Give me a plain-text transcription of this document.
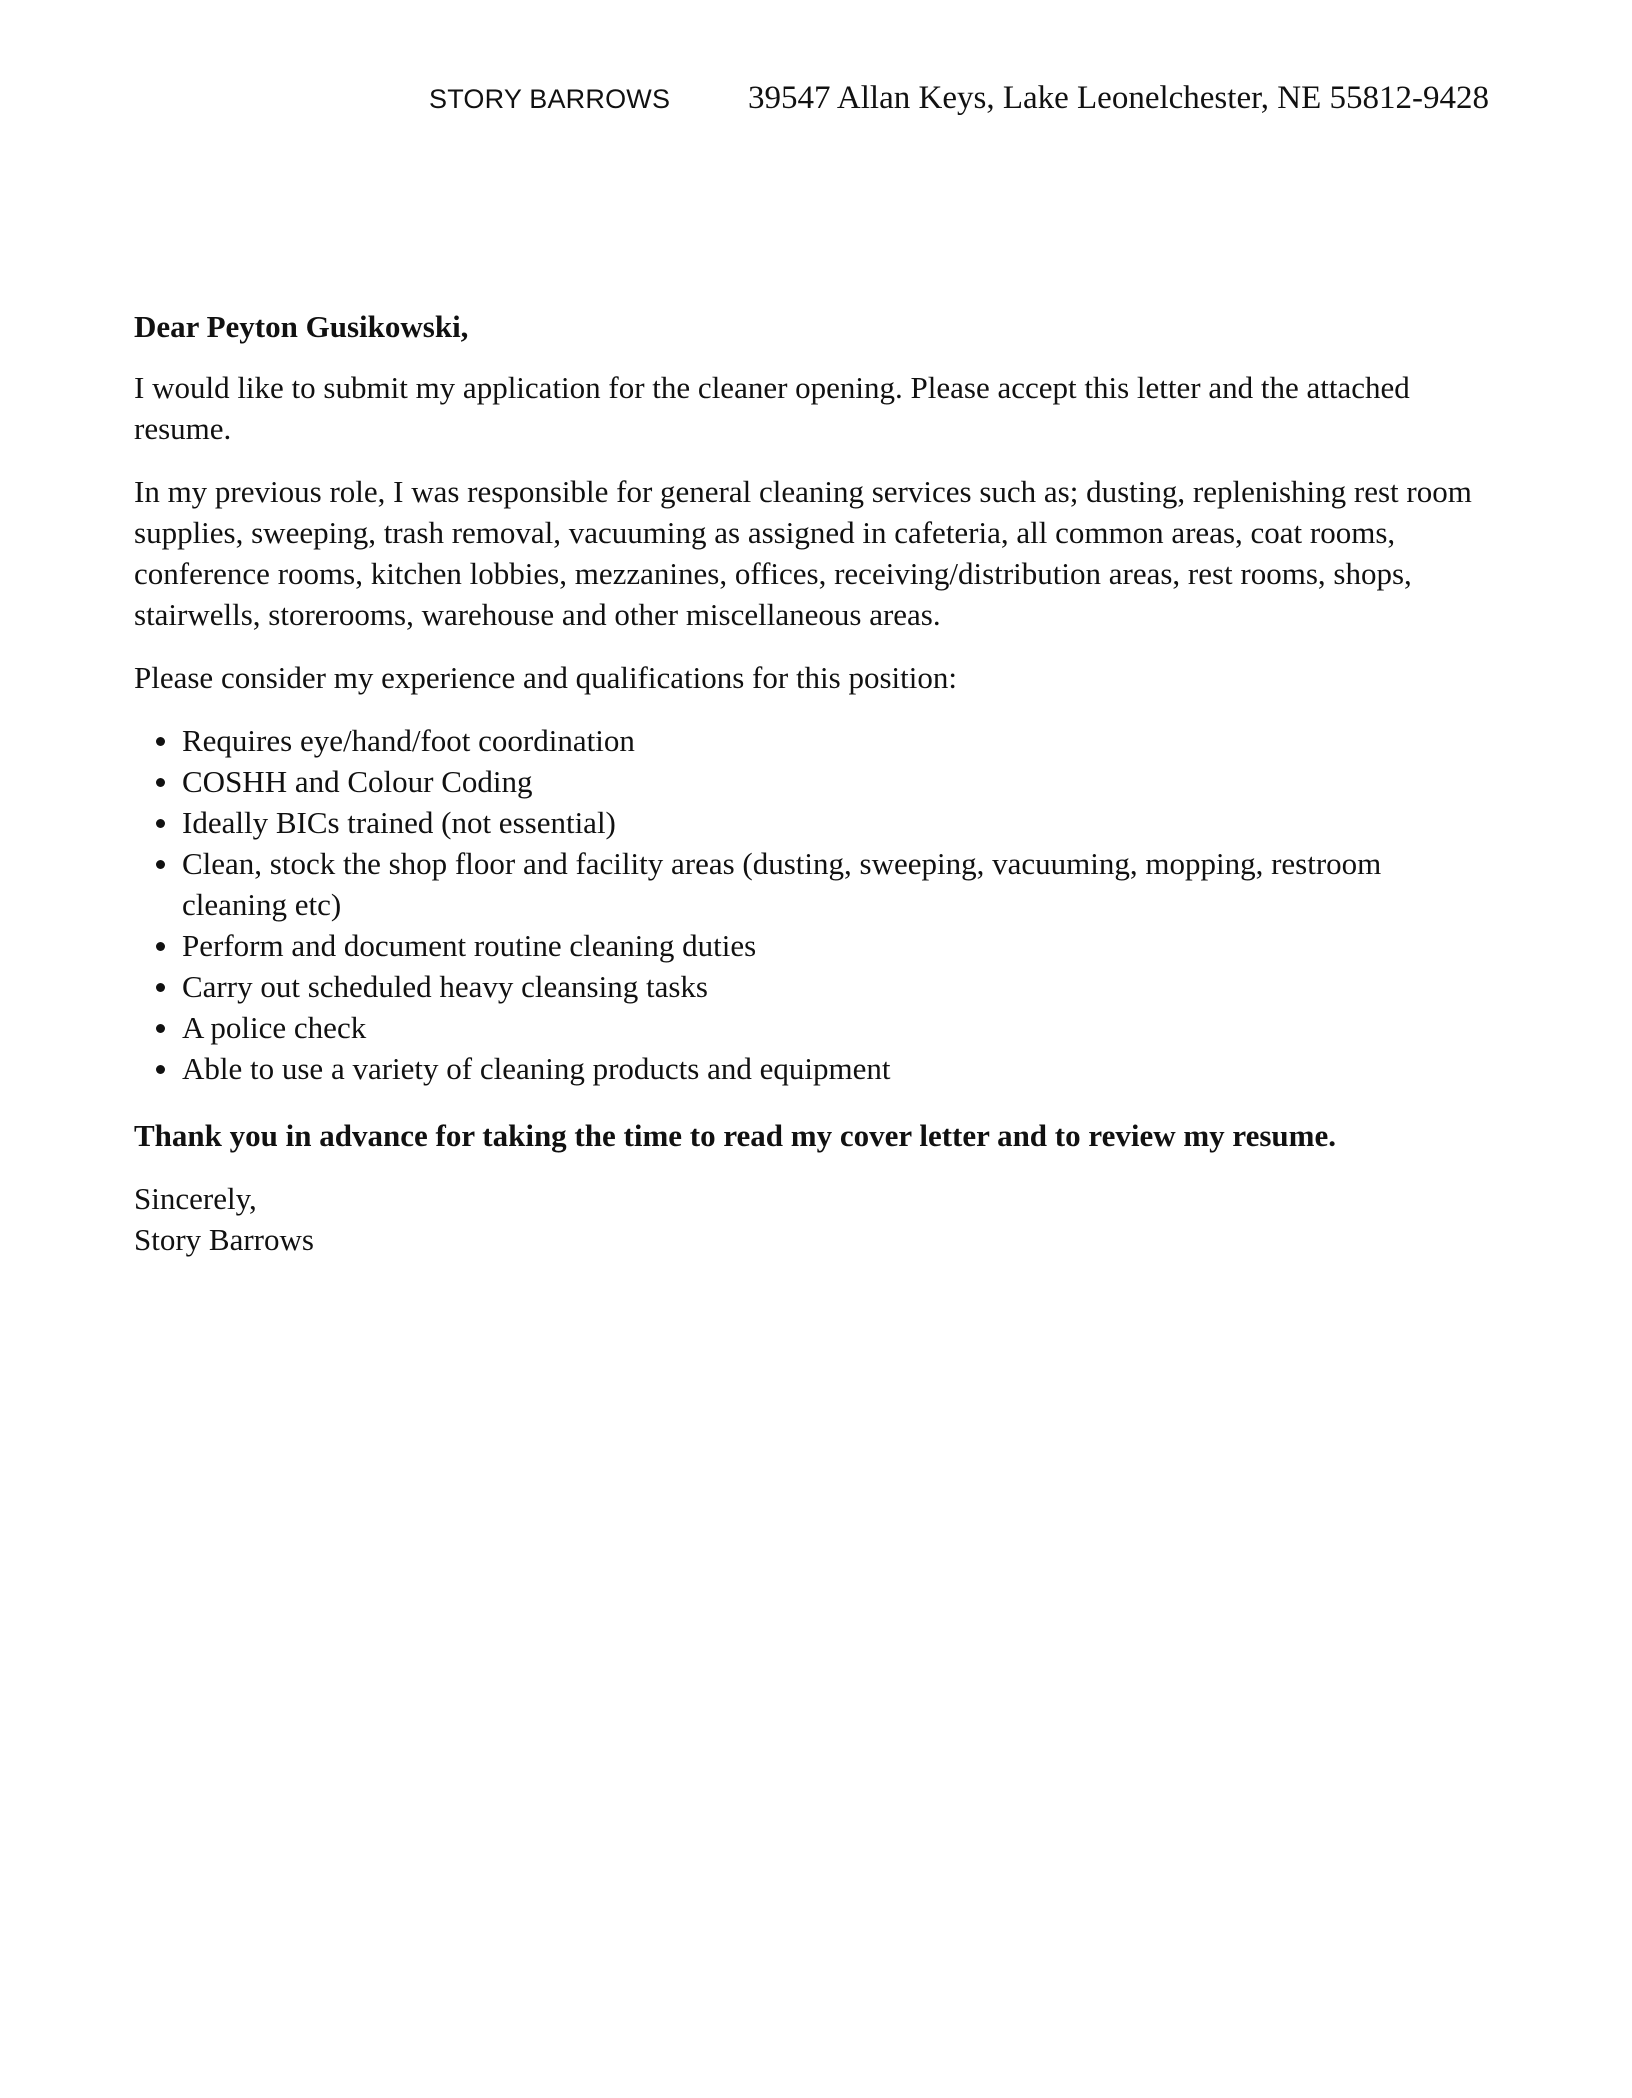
STORY BARROWS 39547 Allan Keys, Lake Leonelchester, NE 55812-9428

Dear Peyton Gusikowski,

I would like to submit my application for the cleaner opening. Please accept this letter and the attached resume.

In my previous role, I was responsible for general cleaning services such as; dusting, replenishing rest room supplies, sweeping, trash removal, vacuuming as assigned in cafeteria, all common areas, coat rooms, conference rooms, kitchen lobbies, mezzanines, offices, receiving/distribution areas, rest rooms, shops, stairwells, storerooms, warehouse and other miscellaneous areas.

Please consider my experience and qualifications for this position:

Requires eye/hand/foot coordination
COSHH and Colour Coding
Ideally BICs trained (not essential)
Clean, stock the shop floor and facility areas (dusting, sweeping, vacuuming, mopping, restroom cleaning etc)
Perform and document routine cleaning duties
Carry out scheduled heavy cleansing tasks
A police check
Able to use a variety of cleaning products and equipment

Thank you in advance for taking the time to read my cover letter and to review my resume.

Sincerely,

Story Barrows
